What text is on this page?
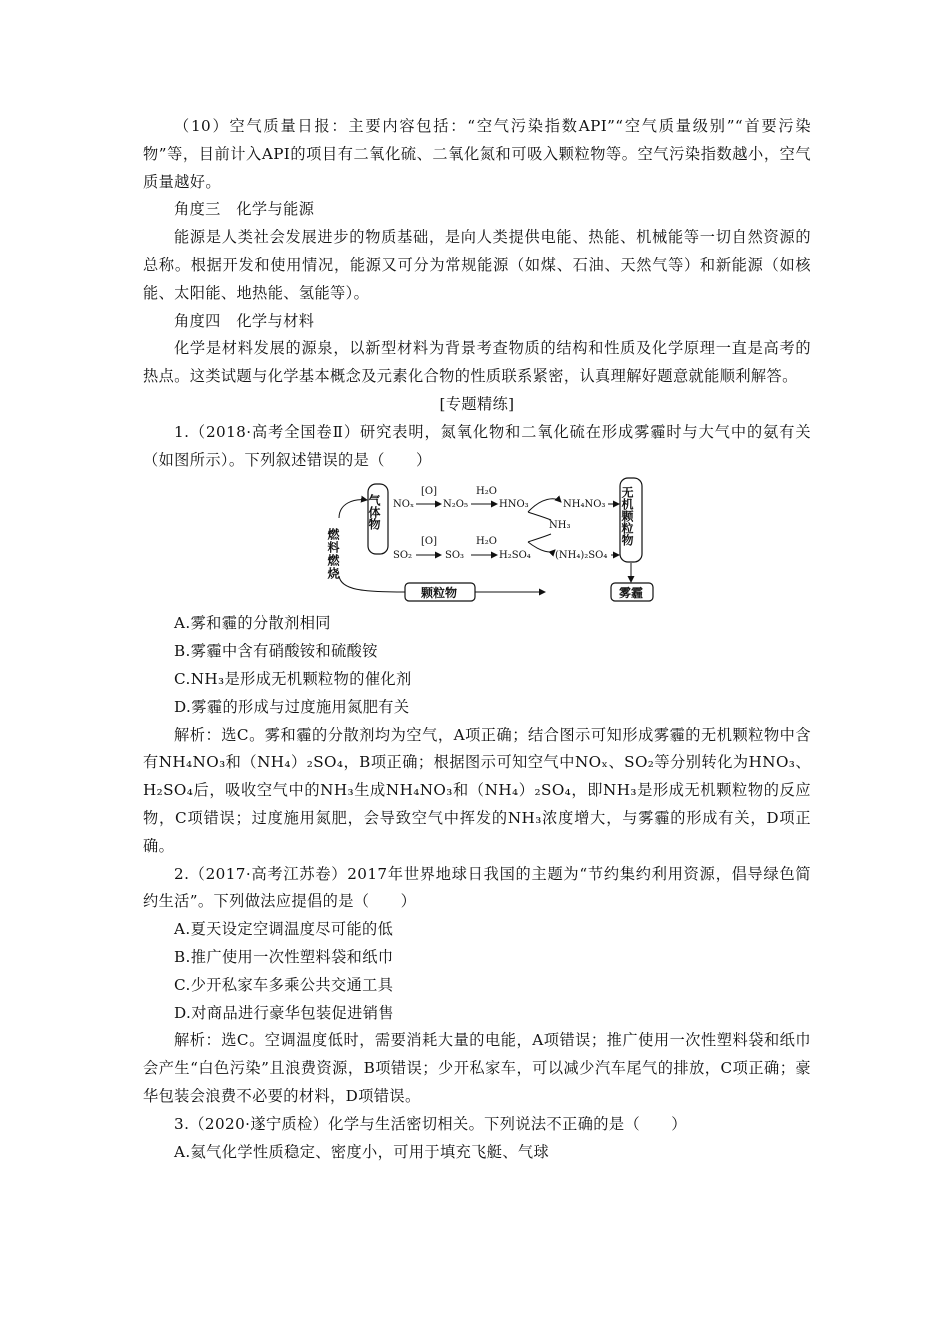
（10）空气质量日报：主要内容包括：“空气污染指数API”“空气质量级别”“首要污染物”等，目前计入API的项目有二氧化硫、二氧化氮和可吸入颗粒物等。空气污染指数越小，空气质量越好。

角度三　化学与能源

能源是人类社会发展进步的物质基础，是向人类提供电能、热能、机械能等一切自然资源的总称。根据开发和使用情况，能源又可分为常规能源（如煤、石油、天然气等）和新能源（如核能、太阳能、地热能、氢能等）。

角度四　化学与材料

化学是材料发展的源泉，以新型材料为背景考查物质的结构和性质及化学原理一直是高考的热点。这类试题与化学基本概念及元素化合物的性质联系紧密，认真理解好题意就能顺利解答。

[专题精练]

1.（2018·高考全国卷Ⅱ）研究表明，氮氧化物和二氧化硫在形成雾霾时与大气中的氨有关（如图所示）。下列叙述错误的是（　　）

燃料燃烧
气体物 NOₓ
[O]
N₂O₅
H₂O
HNO₃	NH₄NO₃
NH₃
SO₂
[O]
SO₃
H₂O
H₂SO₄ (NH₄)₂SO₄
无机颗粒物
颗粒物	雾霾

A.雾和霾的分散剂相同

B.雾霾中含有硝酸铵和硫酸铵

C.NH₃是形成无机颗粒物的催化剂

D.雾霾的形成与过度施用氮肥有关

解析：选C。雾和霾的分散剂均为空气，A项正确；结合图示可知形成雾霾的无机颗粒物中含有NH₄NO₃和（NH₄）₂SO₄，B项正确；根据图示可知空气中NOₓ、SO₂等分别转化为HNO₃、H₂SO₄后，吸收空气中的NH₃生成NH₄NO₃和（NH₄）₂SO₄，即NH₃是形成无机颗粒物的反应物，C项错误；过度施用氮肥，会导致空气中挥发的NH₃浓度增大，与雾霾的形成有关，D项正确。

2.（2017·高考江苏卷）2017年世界地球日我国的主题为“节约集约利用资源，倡导绿色简约生活”。下列做法应提倡的是（　　）

A.夏天设定空调温度尽可能的低

B.推广使用一次性塑料袋和纸巾

C.少开私家车多乘公共交通工具

D.对商品进行豪华包装促进销售

解析：选C。空调温度低时，需要消耗大量的电能，A项错误；推广使用一次性塑料袋和纸巾会产生“白色污染”且浪费资源，B项错误；少开私家车，可以减少汽车尾气的排放，C项正确；豪华包装会浪费不必要的材料，D项错误。

3.（2020·遂宁质检）化学与生活密切相关。下列说法不正确的是（　　）

A.氦气化学性质稳定、密度小，可用于填充飞艇、气球
